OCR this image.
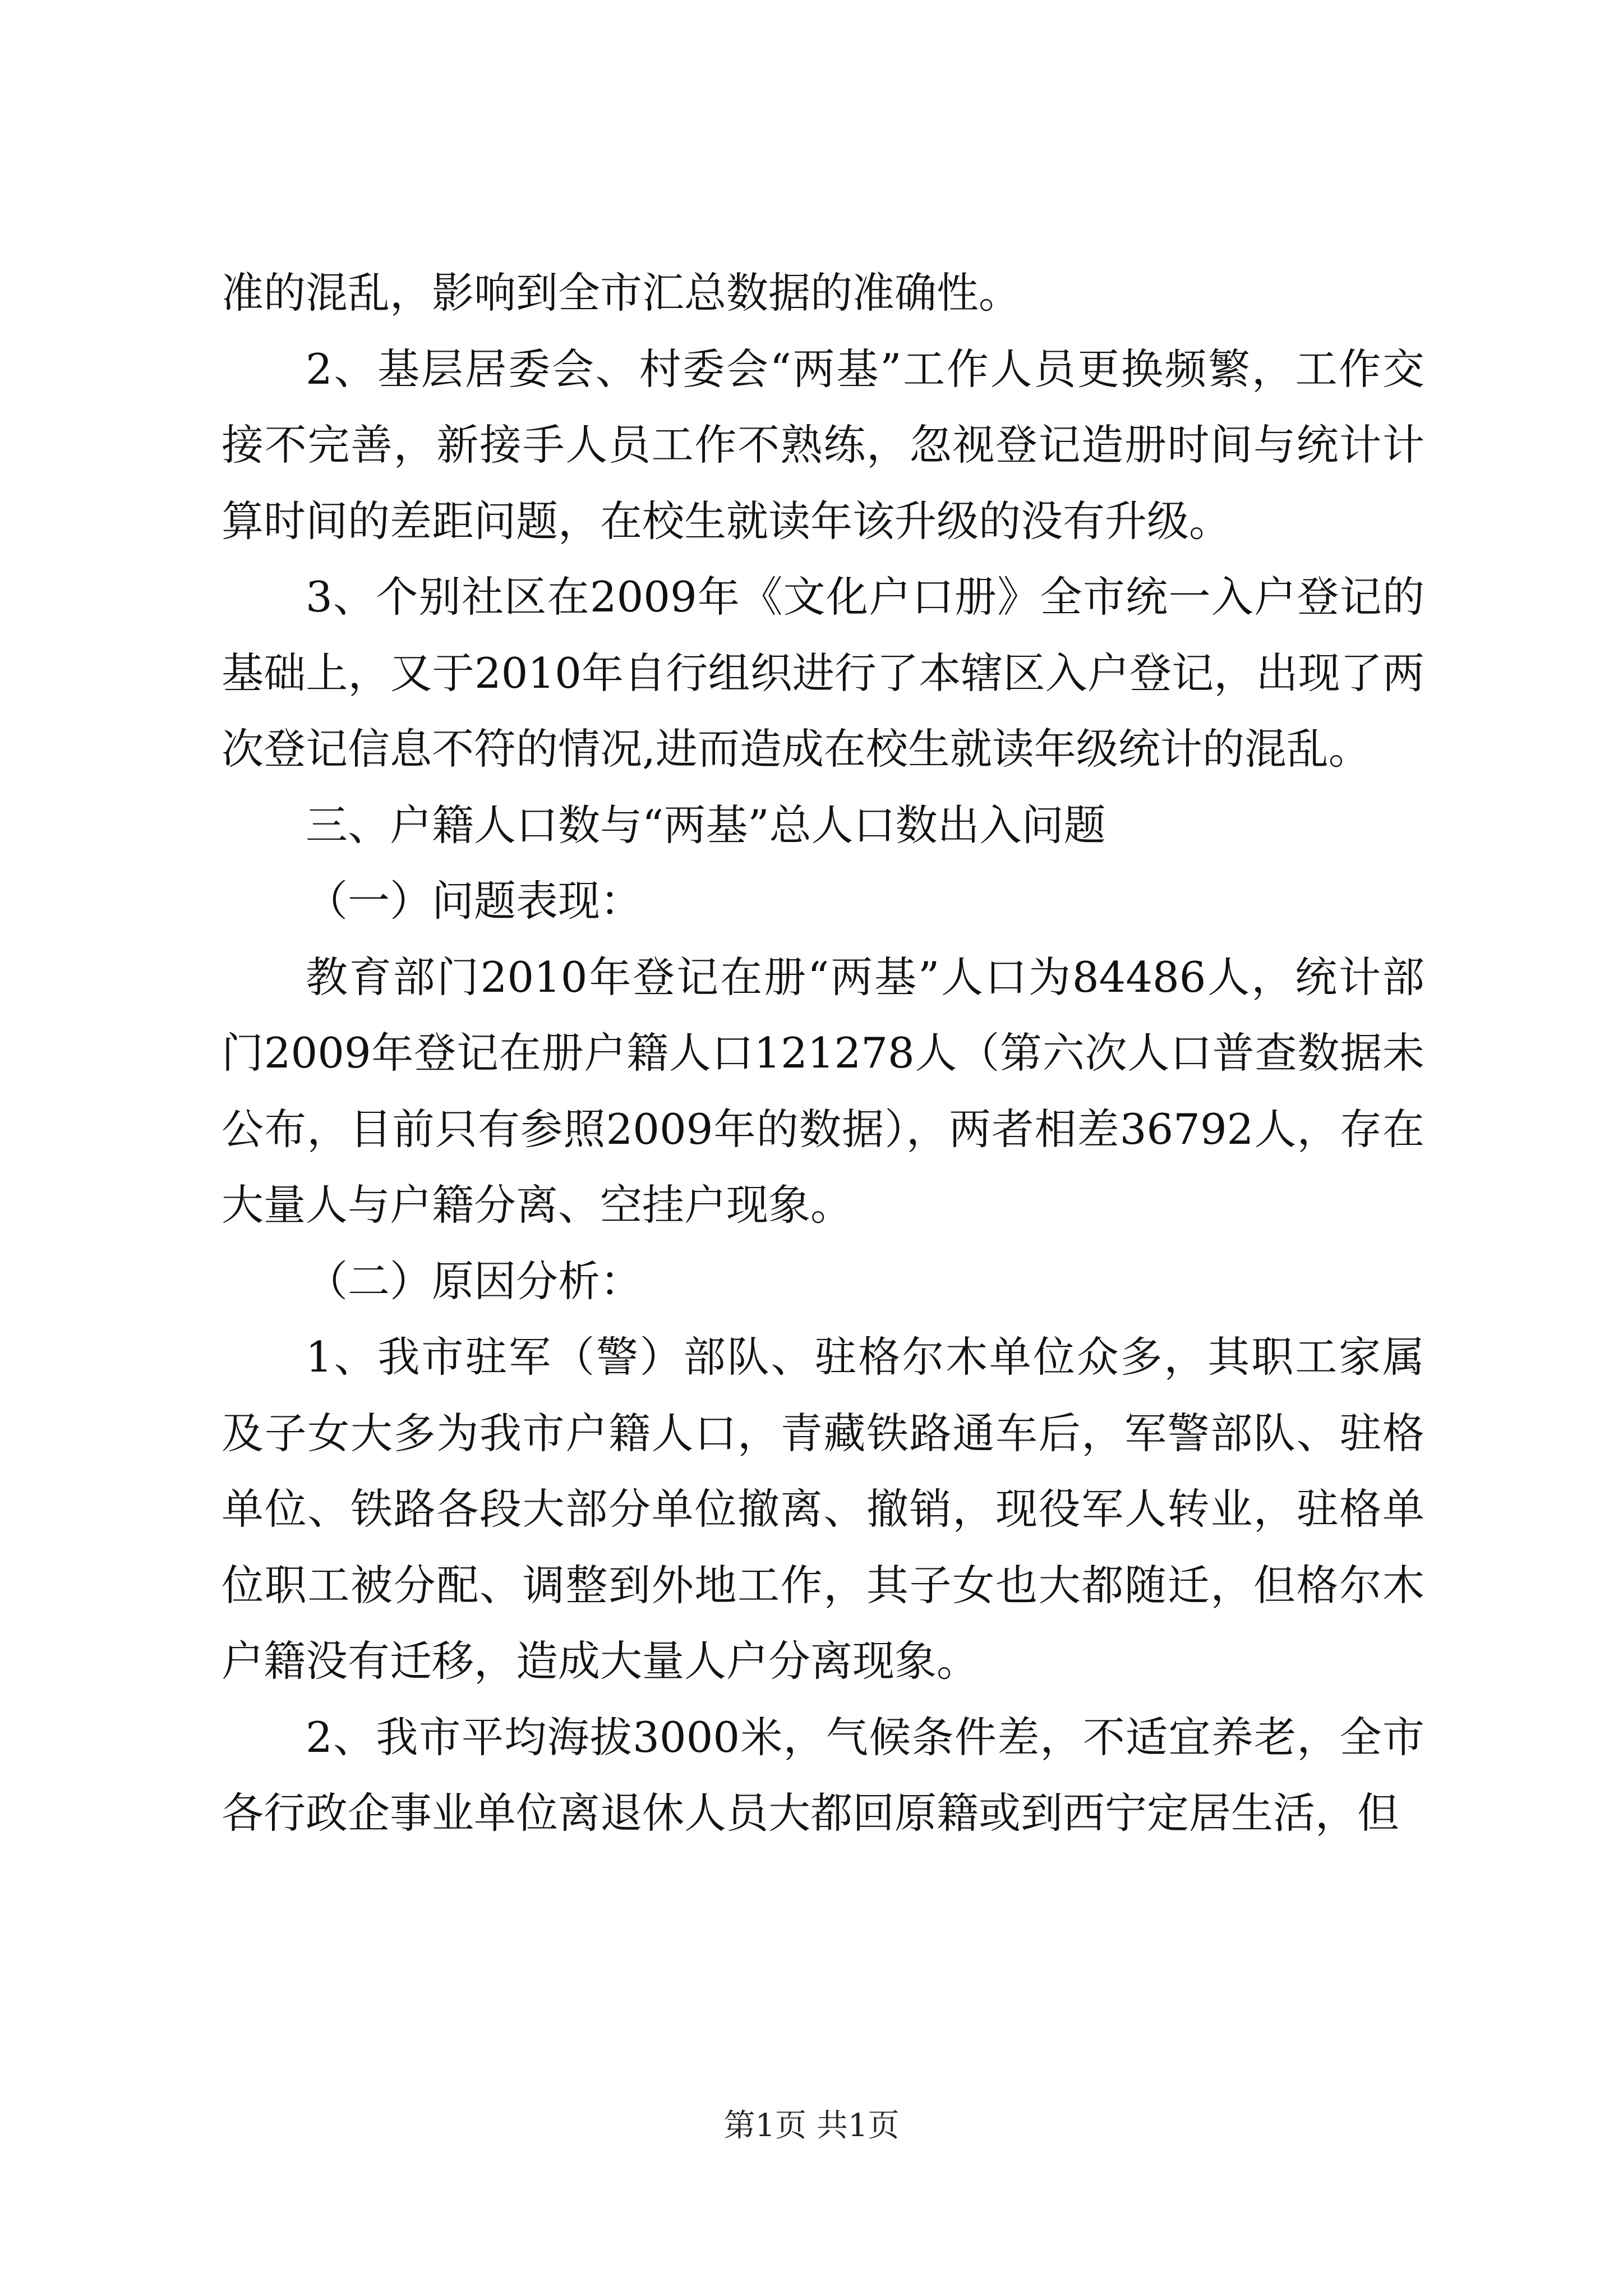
准的混乱，影响到全市汇总数据的准确性。

2、基层居委会、村委会“两基”工作人员更换频繁，工作交接不完善，新接手人员工作不熟练，忽视登记造册时间与统计计算时间的差距问题，在校生就读年该升级的没有升级。

3、个别社区在2009年《文化户口册》全市统一入户登记的基础上，又于2010年自行组织进行了本辖区入户登记，出现了两次登记信息不符的情况,进而造成在校生就读年级统计的混乱。

三、户籍人口数与“两基”总人口数出入问题

（一）问题表现：

教育部门2010年登记在册“两基”人口为84486人，统计部门2009年登记在册户籍人口121278人（第六次人口普查数据未公布，目前只有参照2009年的数据），两者相差36792人，存在大量人与户籍分离、空挂户现象。

（二）原因分析：

1、我市驻军（警）部队、驻格尔木单位众多，其职工家属及子女大多为我市户籍人口，青藏铁路通车后，军警部队、驻格单位、铁路各段大部分单位撤离、撤销，现役军人转业，驻格单位职工被分配、调整到外地工作，其子女也大都随迁，但格尔木户籍没有迁移，造成大量人户分离现象。

2、我市平均海拔3000米，气候条件差，不适宜养老，全市各行政企事业单位离退休人员大都回原籍或到西宁定居生活，但

第1页 共1页
